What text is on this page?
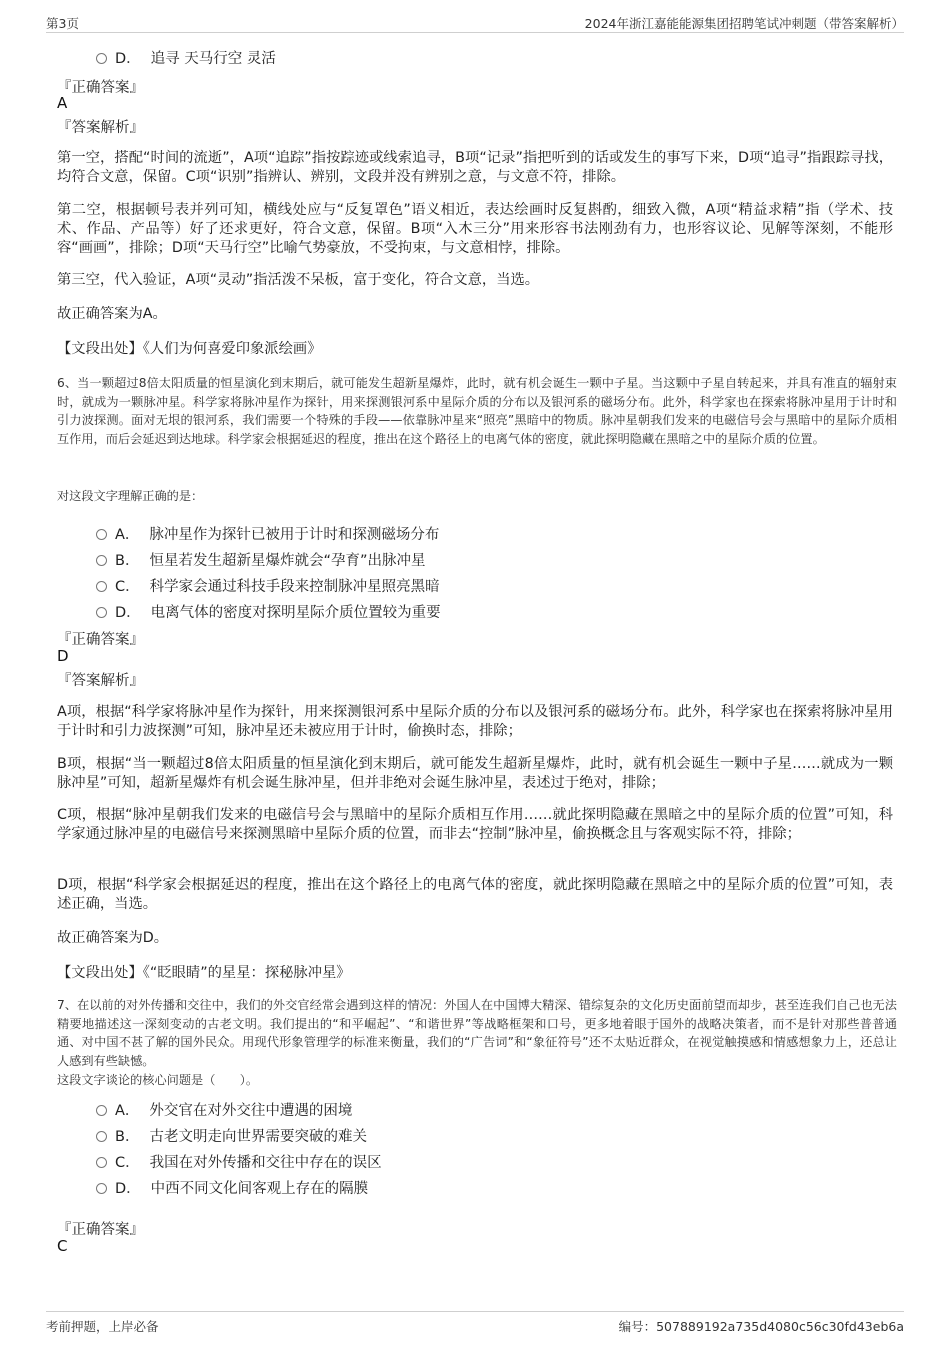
第3页	2024年浙江嘉能能源集团招聘笔试冲刺题（带答案解析）
D． 追寻 天马行空 灵活
『正确答案』
A
『答案解析』
第一空，搭配“时间的流逝”，A项“追踪”指按踪迹或线索追寻，B项“记录”指把听到的话或发生的事写下来，D项“追寻”指跟踪寻找，均符合文意，保留。C项“识别”指辨认、辨别，文段并没有辨别之意，与文意不符，排除。
第二空，根据顿号表并列可知，横线处应与“反复罩色”语义相近，表达绘画时反复斟酌，细致入微，A项“精益求精”指（学术、技术、作品、产品等）好了还求更好，符合文意，保留。B项“入木三分”用来形容书法刚劲有力，也形容议论、见解等深刻，不能形容“画画”，排除；D项“天马行空”比喻气势豪放，不受拘束，与文意相悖，排除。
第三空，代入验证，A项“灵动”指活泼不呆板，富于变化，符合文意，当选。
故正确答案为A。
【文段出处】《人们为何喜爱印象派绘画》
6、当一颗超过8倍太阳质量的恒星演化到末期后，就可能发生超新星爆炸，此时，就有机会诞生一颗中子星。当这颗中子星自转起来，并具有准直的辐射束时，就成为一颗脉冲星。科学家将脉冲星作为探针，用来探测银河系中星际介质的分布以及银河系的磁场分布。此外，科学家也在探索将脉冲星用于计时和引力波探测。面对无垠的银河系，我们需要一个特殊的手段——依靠脉冲星来“照亮”黑暗中的物质。脉冲星朝我们发来的电磁信号会与黑暗中的星际介质相互作用，而后会延迟到达地球。科学家会根据延迟的程度，推出在这个路径上的电离气体的密度，就此探明隐藏在黑暗之中的星际介质的位置。
对这段文字理解正确的是：
A． 脉冲星作为探针已被用于计时和探测磁场分布
B． 恒星若发生超新星爆炸就会“孕育”出脉冲星
C． 科学家会通过科技手段来控制脉冲星照亮黑暗
D． 电离气体的密度对探明星际介质位置较为重要
『正确答案』
D
『答案解析』
A项，根据“科学家将脉冲星作为探针，用来探测银河系中星际介质的分布以及银河系的磁场分布。此外，科学家也在探索将脉冲星用于计时和引力波探测”可知，脉冲星还未被应用于计时，偷换时态，排除；
B项，根据“当一颗超过8倍太阳质量的恒星演化到末期后，就可能发生超新星爆炸，此时，就有机会诞生一颗中子星……就成为一颗脉冲星”可知，超新星爆炸有机会诞生脉冲星，但并非绝对会诞生脉冲星，表述过于绝对，排除；
C项，根据“脉冲星朝我们发来的电磁信号会与黑暗中的星际介质相互作用……就此探明隐藏在黑暗之中的星际介质的位置”可知，科学家通过脉冲星的电磁信号来探测黑暗中星际介质的位置，而非去“控制”脉冲星，偷换概念且与客观实际不符，排除；
D项，根据“科学家会根据延迟的程度，推出在这个路径上的电离气体的密度，就此探明隐藏在黑暗之中的星际介质的位置”可知，表述正确，当选。
故正确答案为D。
【文段出处】《“眨眼睛”的星星：探秘脉冲星》
7、在以前的对外传播和交往中，我们的外交官经常会遇到这样的情况：外国人在中国博大精深、错综复杂的文化历史面前望而却步，甚至连我们自己也无法精要地描述这一深刻变动的古老文明。我们提出的“和平崛起”、“和谐世界”等战略框架和口号，更多地着眼于国外的战略决策者，而不是针对那些普普通通、对中国不甚了解的国外民众。用现代形象管理学的标准来衡量，我们的“广告词”和“象征符号”还不太贴近群众，在视觉触摸感和情感想象力上，还总让人感到有些缺憾。
这段文字谈论的核心问题是（　　）。
A． 外交官在对外交往中遭遇的困境
B． 古老文明走向世界需要突破的难关
C． 我国在对外传播和交往中存在的误区
D． 中西不同文化间客观上存在的隔膜
『正确答案』
C
考前押题，上岸必备	编号：507889192a735d4080c56c30fd43eb6a
